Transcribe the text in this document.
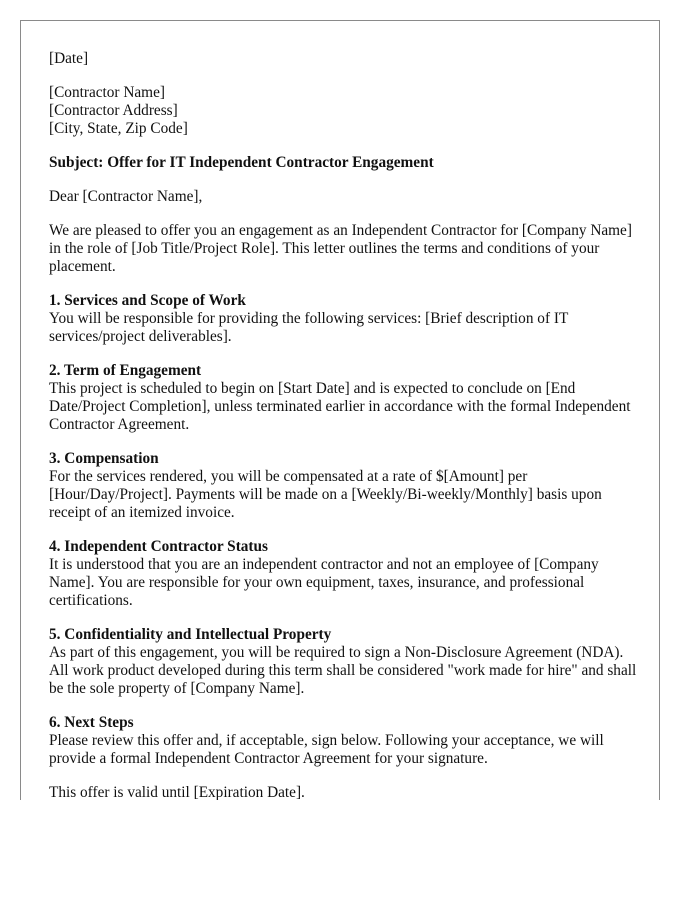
[Date]
[Contractor Name]
[Contractor Address]
[City, State, Zip Code]
Subject: Offer for IT Independent Contractor Engagement
Dear [Contractor Name],
We are pleased to offer you an engagement as an Independent Contractor for [Company Name] in the role of [Job Title/Project Role]. This letter outlines the terms and conditions of your placement.
1. Services and Scope of Work
You will be responsible for providing the following services: [Brief description of IT services/project deliverables].
2. Term of Engagement
This project is scheduled to begin on [Start Date] and is expected to conclude on [End Date/Project Completion], unless terminated earlier in accordance with the formal Independent Contractor Agreement.
3. Compensation
For the services rendered, you will be compensated at a rate of $[Amount] per [Hour/Day/Project]. Payments will be made on a [Weekly/Bi-weekly/Monthly] basis upon receipt of an itemized invoice.
4. Independent Contractor Status
It is understood that you are an independent contractor and not an employee of [Company Name]. You are responsible for your own equipment, taxes, insurance, and professional certifications.
5. Confidentiality and Intellectual Property
As part of this engagement, you will be required to sign a Non-Disclosure Agreement (NDA). All work product developed during this term shall be considered "work made for hire" and shall be the sole property of [Company Name].
6. Next Steps
Please review this offer and, if acceptable, sign below. Following your acceptance, we will provide a formal Independent Contractor Agreement for your signature.
This offer is valid until [Expiration Date].
